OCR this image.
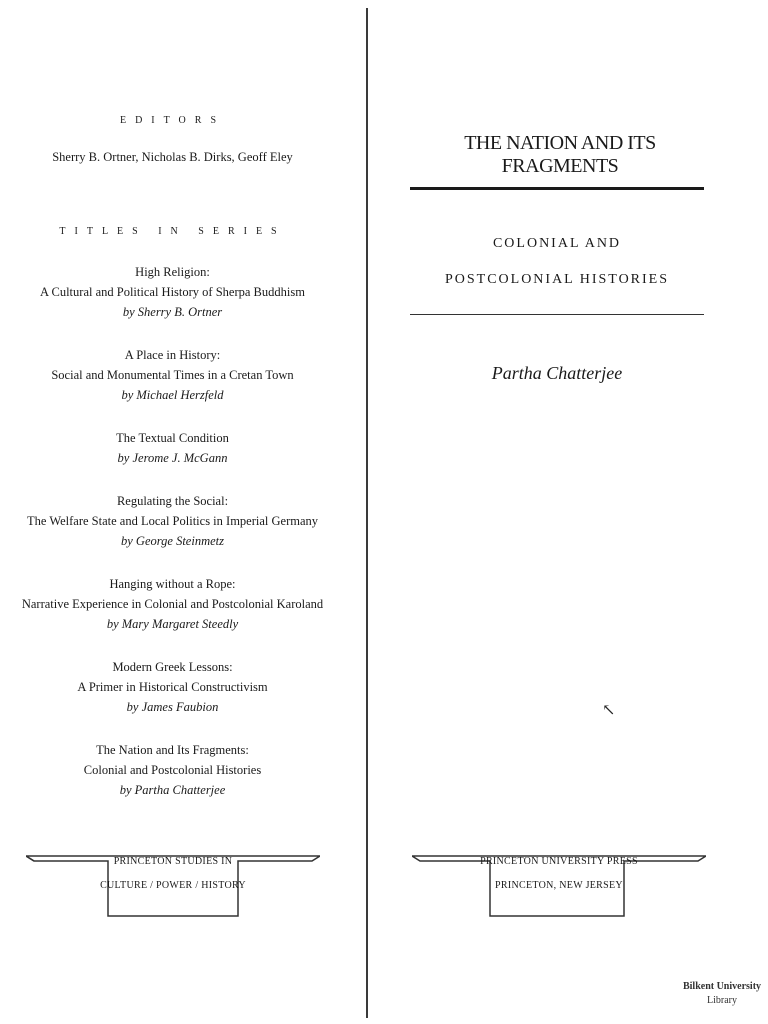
EDITORS
Sherry B. Ortner, Nicholas B. Dirks, Geoff Eley
TITLES IN SERIES
High Religion:
A Cultural and Political History of Sherpa Buddhism
by Sherry B. Ortner
A Place in History:
Social and Monumental Times in a Cretan Town
by Michael Herzfeld
The Textual Condition
by Jerome J. McGann
Regulating the Social:
The Welfare State and Local Politics in Imperial Germany
by George Steinmetz
Hanging without a Rope:
Narrative Experience in Colonial and Postcolonial Karoland
by Mary Margaret Steedly
Modern Greek Lessons:
A Primer in Historical Constructivism
by James Faubion
The Nation and Its Fragments:
Colonial and Postcolonial Histories
by Partha Chatterjee
PRINCETON STUDIES IN
CULTURE / POWER / HISTORY
THE NATION AND ITS FRAGMENTS
COLONIAL AND
POSTCOLONIAL HISTORIES
Partha Chatterjee
↖
PRINCETON UNIVERSITY PRESS
PRINCETON, NEW JERSEY
Bilkent University
Library
